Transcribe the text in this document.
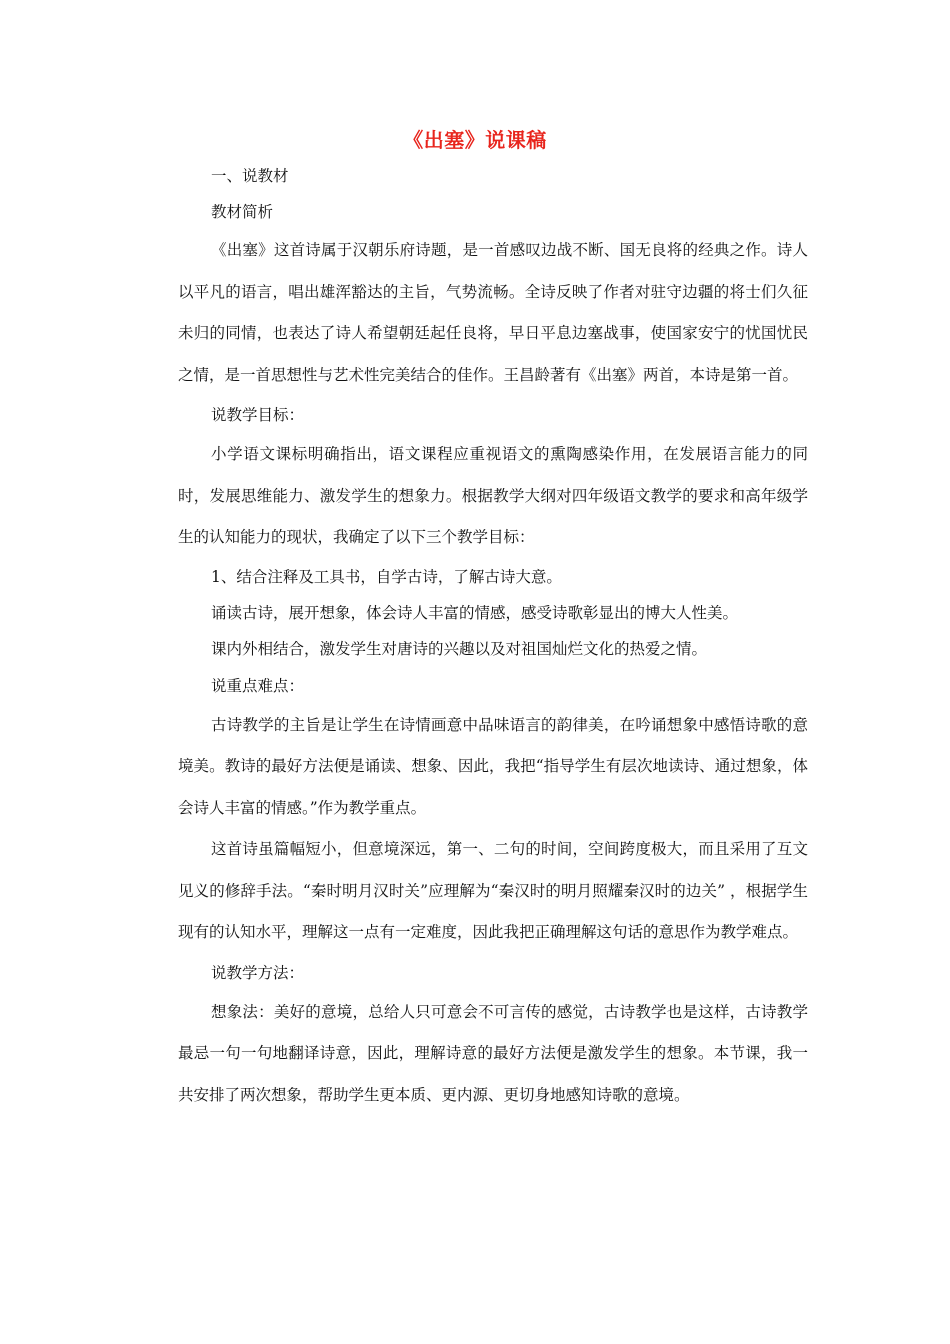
《出塞》说课稿

一、说教材

教材简析

《出塞》这首诗属于汉朝乐府诗题，是一首感叹边战不断、国无良将的经典之作。诗人以平凡的语言，唱出雄浑豁达的主旨，气势流畅。全诗反映了作者对驻守边疆的将士们久征未归的同情，也表达了诗人希望朝廷起任良将，早日平息边塞战事，使国家安宁的忧国忧民之情，是一首思想性与艺术性完美结合的佳作。王昌龄著有《出塞》两首，本诗是第一首。

说教学目标：

小学语文课标明确指出，语文课程应重视语文的熏陶感染作用，在发展语言能力的同时，发展思维能力、激发学生的想象力。根据教学大纲对四年级语文教学的要求和高年级学生的认知能力的现状，我确定了以下三个教学目标：

1、结合注释及工具书，自学古诗，了解古诗大意。

诵读古诗，展开想象，体会诗人丰富的情感，感受诗歌彰显出的博大人性美。

课内外相结合，激发学生对唐诗的兴趣以及对祖国灿烂文化的热爱之情。

说重点难点：

古诗教学的主旨是让学生在诗情画意中品味语言的韵律美，在吟诵想象中感悟诗歌的意境美。教诗的最好方法便是诵读、想象、因此，我把“指导学生有层次地读诗、通过想象，体会诗人丰富的情感。”作为教学重点。

这首诗虽篇幅短小，但意境深远，第一、二句的时间，空间跨度极大，而且采用了互文见义的修辞手法。“秦时明月汉时关”应理解为“秦汉时的明月照耀秦汉时的边关” ，根据学生现有的认知水平，理解这一点有一定难度，因此我把正确理解这句话的意思作为教学难点。

说教学方法：

想象法：美好的意境，总给人只可意会不可言传的感觉，古诗教学也是这样，古诗教学最忌一句一句地翻译诗意，因此，理解诗意的最好方法便是激发学生的想象。本节课，我一共安排了两次想象，帮助学生更本质、更内源、更切身地感知诗歌的意境。
